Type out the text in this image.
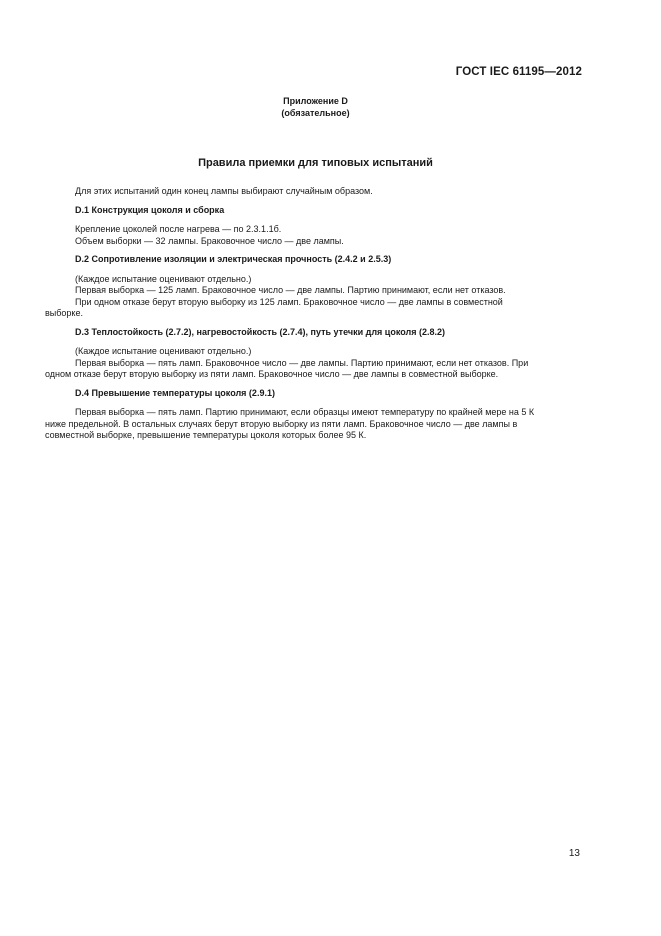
ГОСТ IEC 61195—2012
Приложение D
(обязательное)
Правила приемки для типовых испытаний

Для этих испытаний один конец лампы выбирают случайным образом.

D.1 Конструкция цоколя и сборка

Крепление цоколей после нагрева — по 2.3.1.1б.

Объем выборки — 32 лампы. Браковочное число — две лампы.

D.2 Сопротивление изоляции и электрическая прочность (2.4.2 и 2.5.3)

(Каждое испытание оценивают отдельно.)

Первая выборка — 125 ламп. Браковочное число — две лампы. Партию принимают, если нет отказов.

При одном отказе берут вторую выборку из 125 ламп. Браковочное число — две лампы в совместной

выборке.

D.3 Теплостойкость (2.7.2), нагревостойкость (2.7.4), путь утечки для цоколя (2.8.2)

(Каждое испытание оценивают отдельно.)

Первая выборка — пять ламп. Браковочное число — две лампы. Партию принимают, если нет отказов. При

одном отказе берут вторую выборку из пяти ламп. Браковочное число — две лампы в совместной выборке.

D.4 Превышение температуры цоколя (2.9.1)

Первая выборка — пять ламп. Партию принимают, если образцы имеют температуру по крайней мере на 5 К

ниже предельной. В остальных случаях берут вторую выборку из пяти ламп. Браковочное число — две лампы в

совместной выборке, превышение температуры цоколя которых более 95 К.

13
